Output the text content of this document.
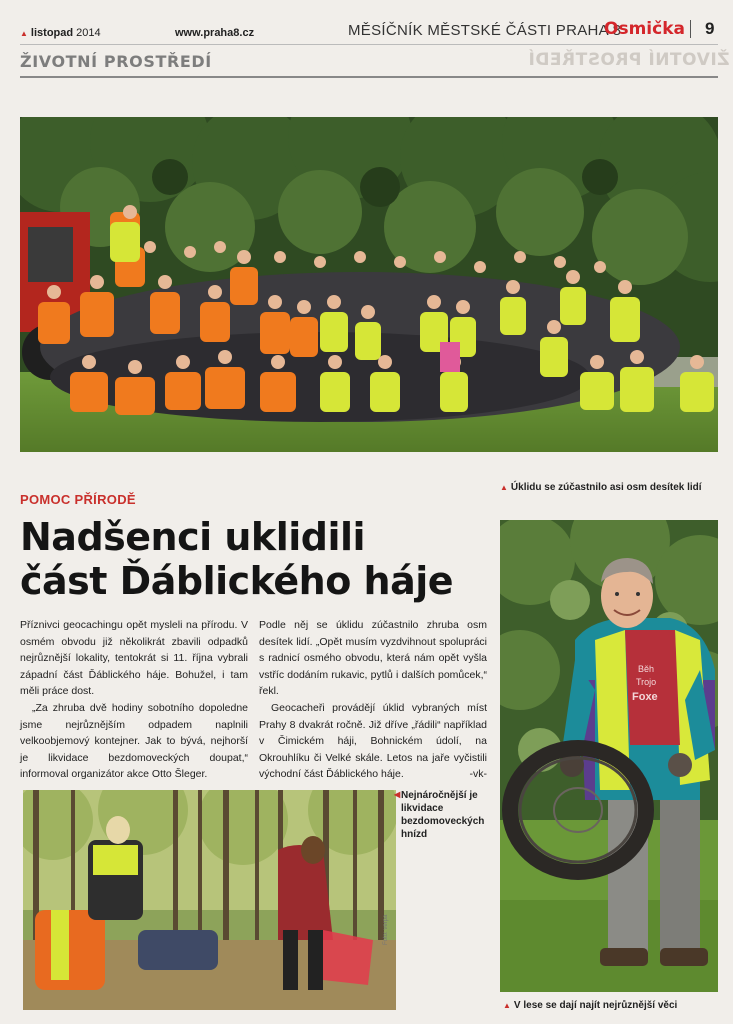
▲ listopad 2014	www.praha8.cz	MĚSÍČNÍK MĚSTSKÉ ČÁSTI PRAHA 8
Osmička 9
ŽIVOTNÍ PROSTŘEDÍ	ŽIVOTNÍ PROSTŘEDÍ
▲ Úklidu se zúčastnilo asi osm desítek lidí
POMOC PŘÍRODĚ
Nadšenci uklidili
část Ďáblického háje

Příznivci geocachingu opět mysleli na přírodu. V osmém obvodu již několikrát zbavili odpadků nejrůznější lokality, tentokrát si 11. října vybrali západní část Ďáblického háje. Bohužel, i tam měli práce dost.

„Za zhruba dvě hodiny sobotního dopoledne jsme nejrůznějším odpadem naplnili velkoobjemový kontejner. Jak to bývá, nejhorší je likvidace bezdomoveckých doupat,“ informoval organizátor akce Otto Šleger.

Podle něj se úklidu zúčastnilo zhruba osm desítek lidí. „Opět musím vyzdvihnout spolupráci s radnicí osmého obvodu, která nám opět vyšla vstříc dodáním rukavic, pytlů i dalších pomůcek,“ řekl.

Geocacheři provádějí úklid vybraných míst Prahy 8 dvakrát ročně. Již dříve „řádili“ například v Čimickém háji, Bohnickém údolí, na Okrouhlíku či Velké skále. Letos na jaře vyčistili východní část Ďáblického háje.	-vk-

Běh
Trojo
Foxe
▲ V lese se dají najít nejrůznější věci
Foto: verpa
◀ Nejnáročnější je likvidace bezdomoveckých hnízd
